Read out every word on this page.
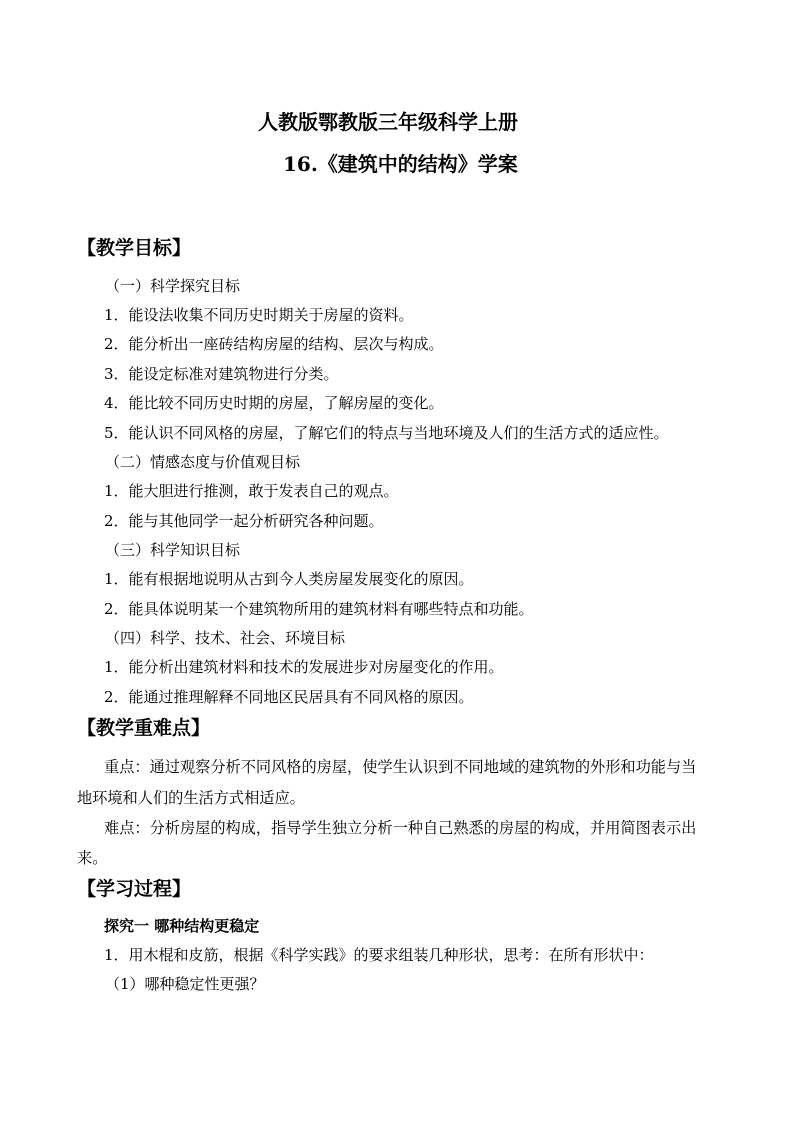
人教版鄂教版三年级科学上册
16.《建筑中的结构》学案
【教学目标】
（一）科学探究目标
1．能设法收集不同历史时期关于房屋的资料。
2．能分析出一座砖结构房屋的结构、层次与构成。
3．能设定标准对建筑物进行分类。
4．能比较不同历史时期的房屋，了解房屋的变化。
5．能认识不同风格的房屋，了解它们的特点与当地环境及人们的生活方式的适应性。
（二）情感态度与价值观目标
1．能大胆进行推测，敢于发表自己的观点。
2．能与其他同学一起分析研究各种问题。
（三）科学知识目标
1．能有根据地说明从古到今人类房屋发展变化的原因。
2．能具体说明某一个建筑物所用的建筑材料有哪些特点和功能。
（四）科学、技术、社会、环境目标
1．能分析出建筑材料和技术的发展进步对房屋变化的作用。
2．能通过推理解释不同地区民居具有不同风格的原因。
【教学重难点】
重点：通过观察分析不同风格的房屋，使学生认识到不同地域的建筑物的外形和功能与当
地环境和人们的生活方式相适应。
难点：分析房屋的构成，指导学生独立分析一种自己熟悉的房屋的构成，并用简图表示出
来。
【学习过程】
探究一 哪种结构更稳定
1．用木棍和皮筋，根据《科学实践》的要求组装几种形状，思考：在所有形状中：
（1）哪种稳定性更强？
